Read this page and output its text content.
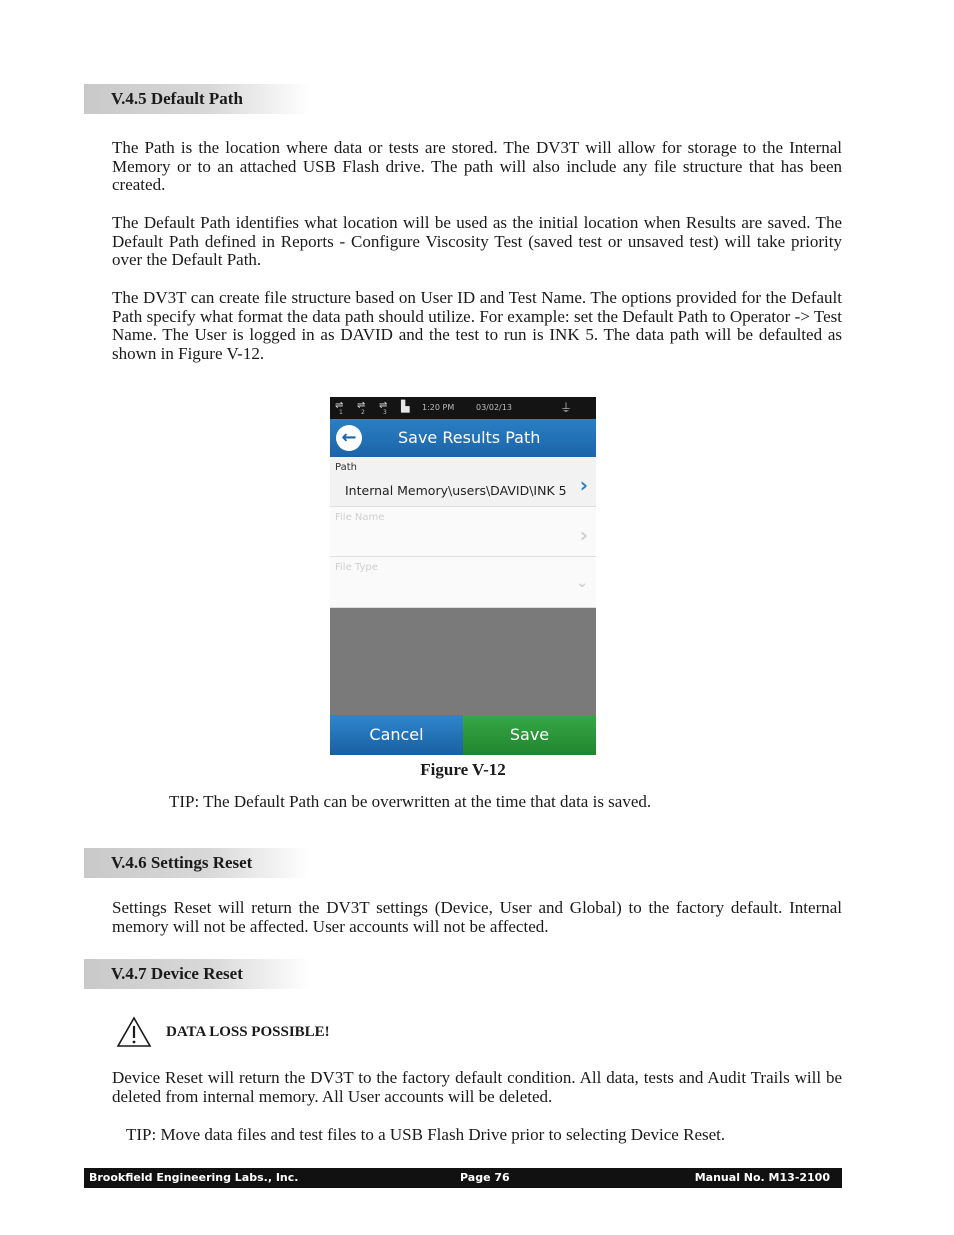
V.4.5 Default Path
The Path is the location where data or tests are stored. The DV3T will allow for storage to the Internal Memory or to an attached USB Flash drive. The path will also include any file structure that has been created.
The Default Path identifies what location will be used as the initial location when Results are saved. The Default Path defined in Reports - Configure Viscosity Test (saved test or unsaved test) will take priority over the Default Path.
The DV3T can create file structure based on User ID and Test Name. The options provided for the Default Path specify what format the data path should utilize. For example: set the Default Path to Operator -> Test Name. The User is logged in as DAVID and the test to run is INK 5. The data path will be defaulted as shown in Figure V-12.
⇌
1
⇌
2
⇌
3 ▙ 1:20 PM	03/02/13	⏚
←	Save Results Path
Path
Internal Memory\users\DAVID\INK 5 ›
File Name
›
File Type
⌄
Cancel	Save
Figure V-12
TIP: The Default Path can be overwritten at the time that data is saved.
V.4.6 Settings Reset
Settings Reset will return the DV3T settings (Device, User and Global) to the factory default. Internal memory will not be affected. User accounts will not be affected.
V.4.7 Device Reset
DATA LOSS POSSIBLE!
Device Reset will return the DV3T to the factory default condition. All data, tests and Audit Trails will be deleted from internal memory. All User accounts will be deleted.
TIP: Move data files and test files to a USB Flash Drive prior to selecting Device Reset.
Brookfield Engineering Labs., Inc.	Page 76	Manual No. M13-2100
